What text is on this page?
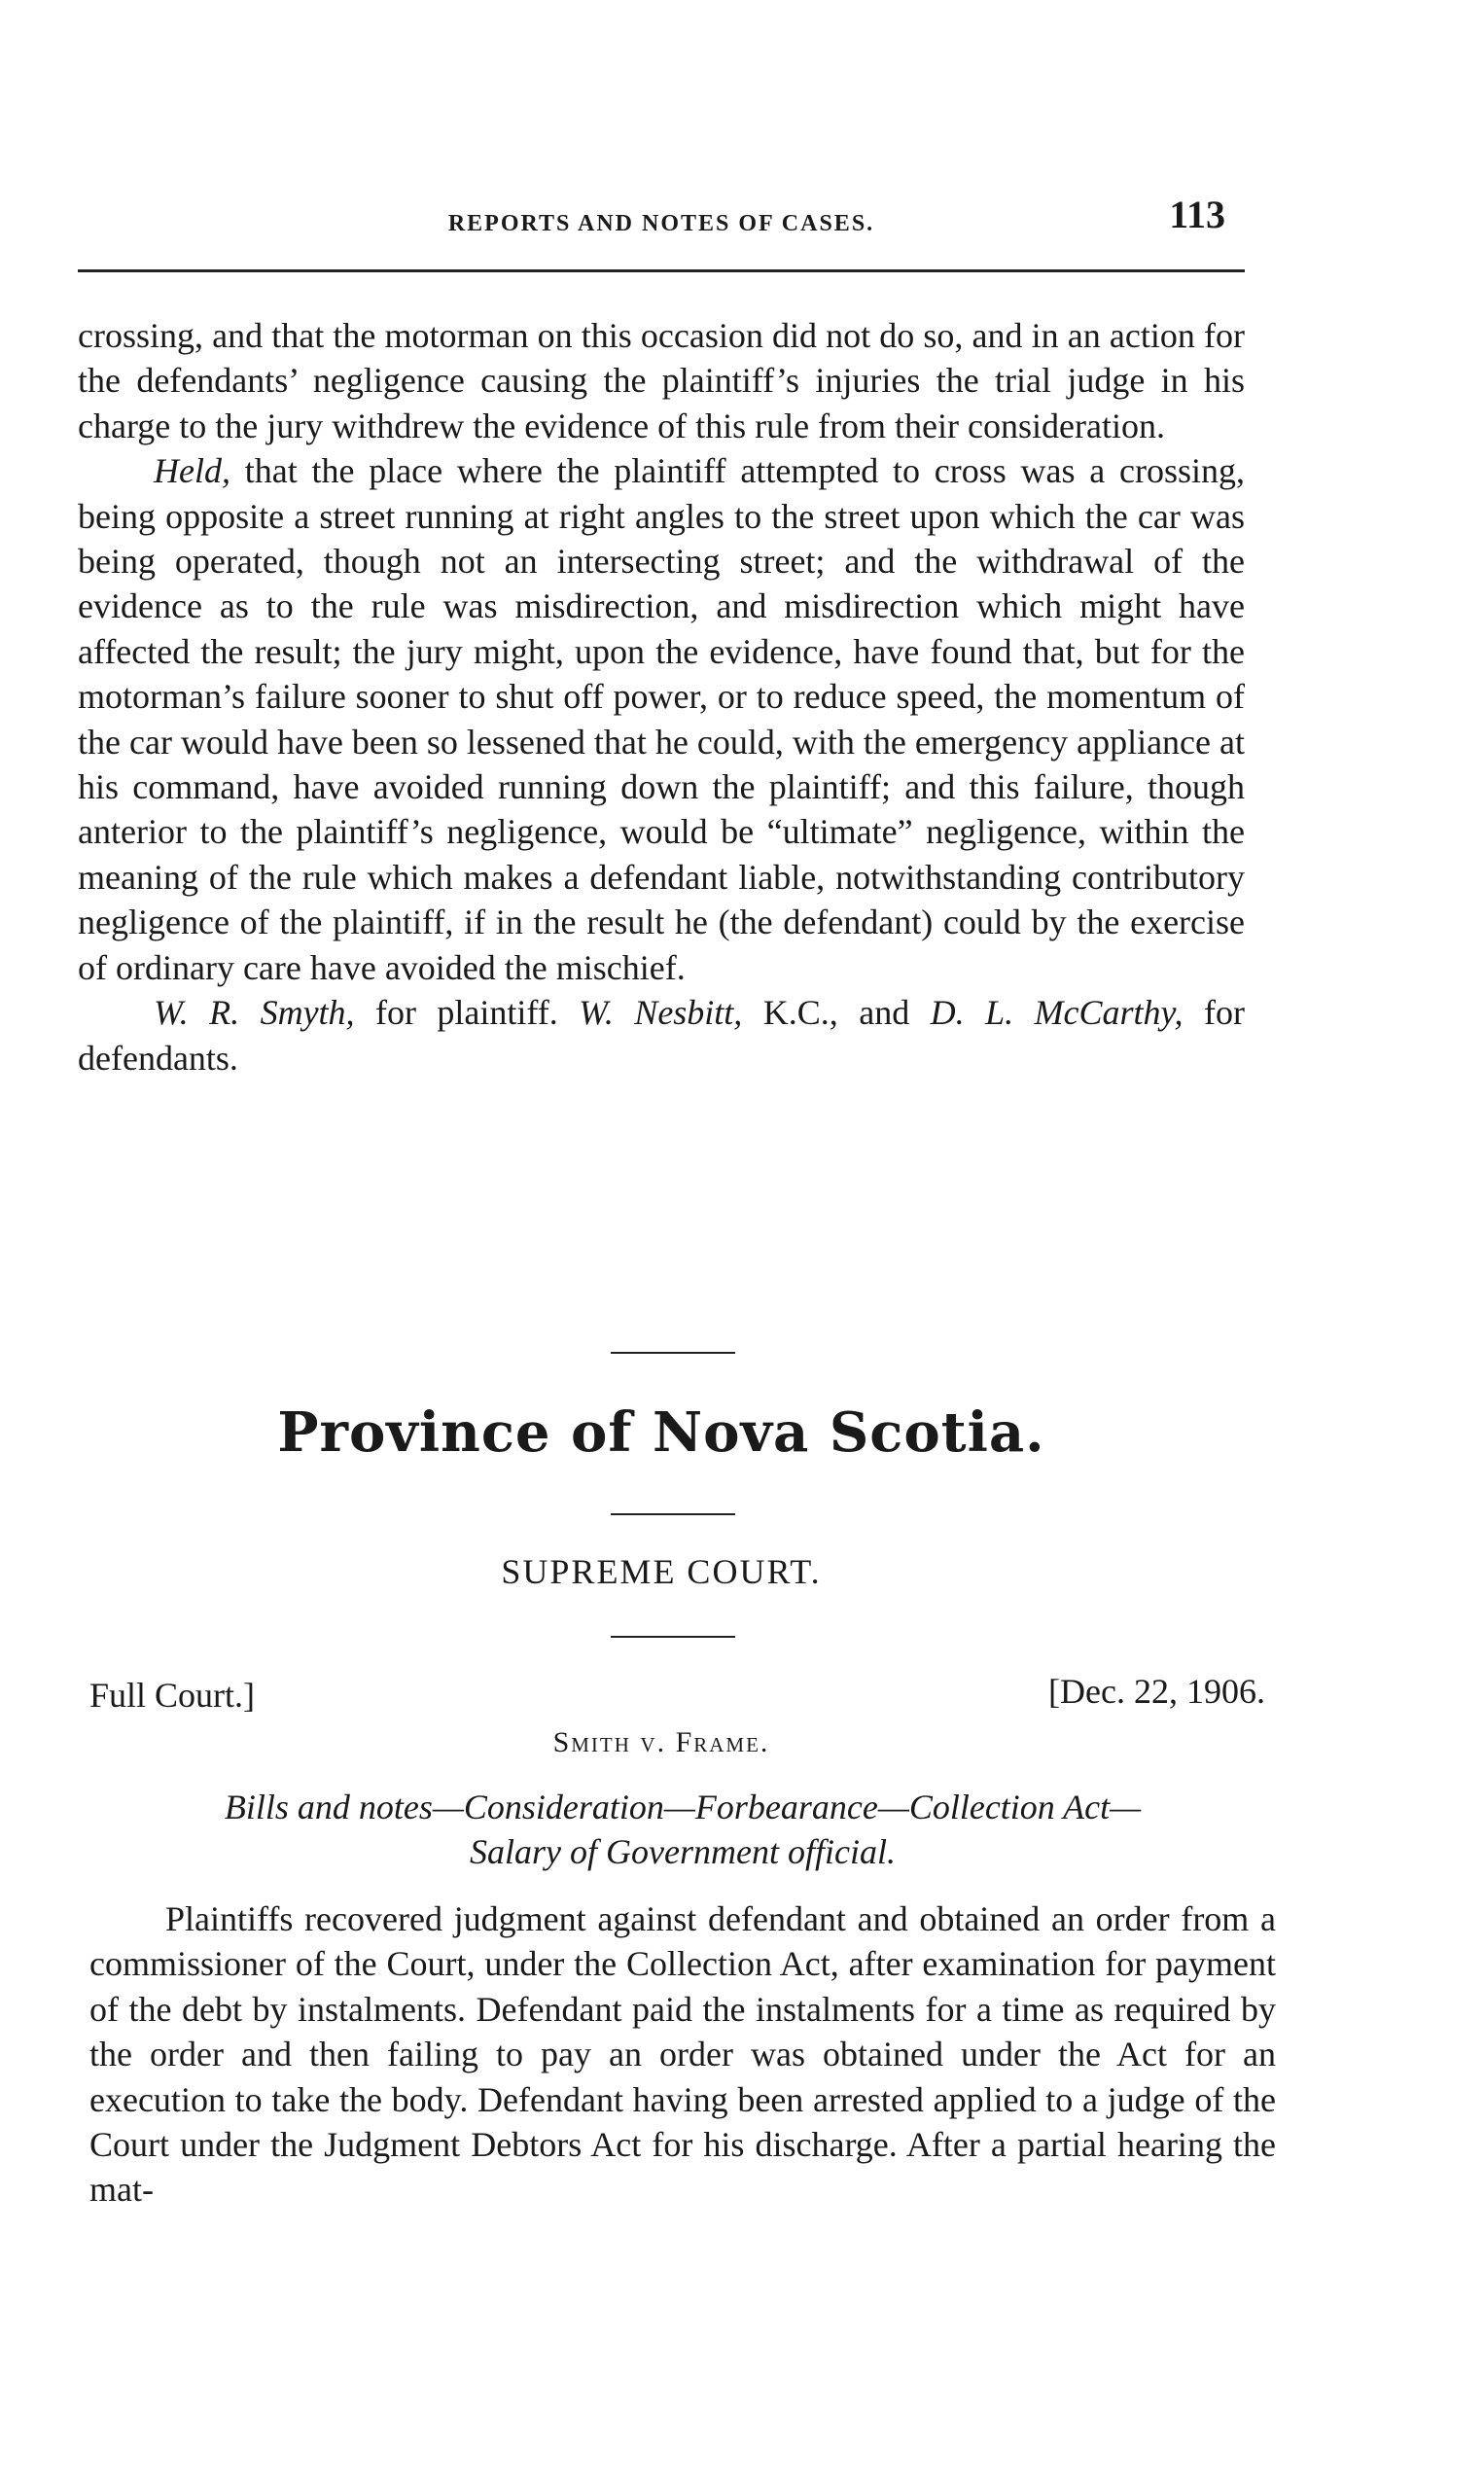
REPORTS AND NOTES OF CASES.	113

crossing, and that the motorman on this occasion did not do so, and in an action for the defendants’ negligence causing the plaintiff’s injuries the trial judge in his charge to the jury withdrew the evidence of this rule from their consideration.

Held, that the place where the plaintiff attempted to cross was a crossing, being opposite a street running at right angles to the street upon which the car was being operated, though not an intersecting street; and the withdrawal of the evidence as to the rule was misdirection, and misdirection which might have affected the result; the jury might, upon the evidence, have found that, but for the motorman’s failure sooner to shut off power, or to reduce speed, the momentum of the car would have been so lessened that he could, with the emergency appliance at his command, have avoided running down the plaintiff; and this failure, though anterior to the plaintiff’s negligence, would be “ultimate” negligence, within the meaning of the rule which makes a defendant liable, notwithstanding contributory negligence of the plaintiff, if in the result he (the defendant) could by the exercise of ordinary care have avoided the mischief.

W. R. Smyth, for plaintiff. W. Nesbitt, K.C., and D. L. McCarthy, for defendants.

Province of Nova Scotia.
SUPREME COURT.
Full Court.]	[Dec. 22, 1906.
Smith v. Frame.
Bills and notes—Consideration—Forbearance—Collection Act—
Salary of Government official.

Plaintiffs recovered judgment against defendant and obtained an order from a commissioner of the Court, under the Collection Act, after examination for payment of the debt by instalments. Defendant paid the instalments for a time as required by the order and then failing to pay an order was obtained under the Act for an execution to take the body. Defendant having been arrested applied to a judge of the Court under the Judgment Debtors Act for his discharge. After a partial hearing the mat-
